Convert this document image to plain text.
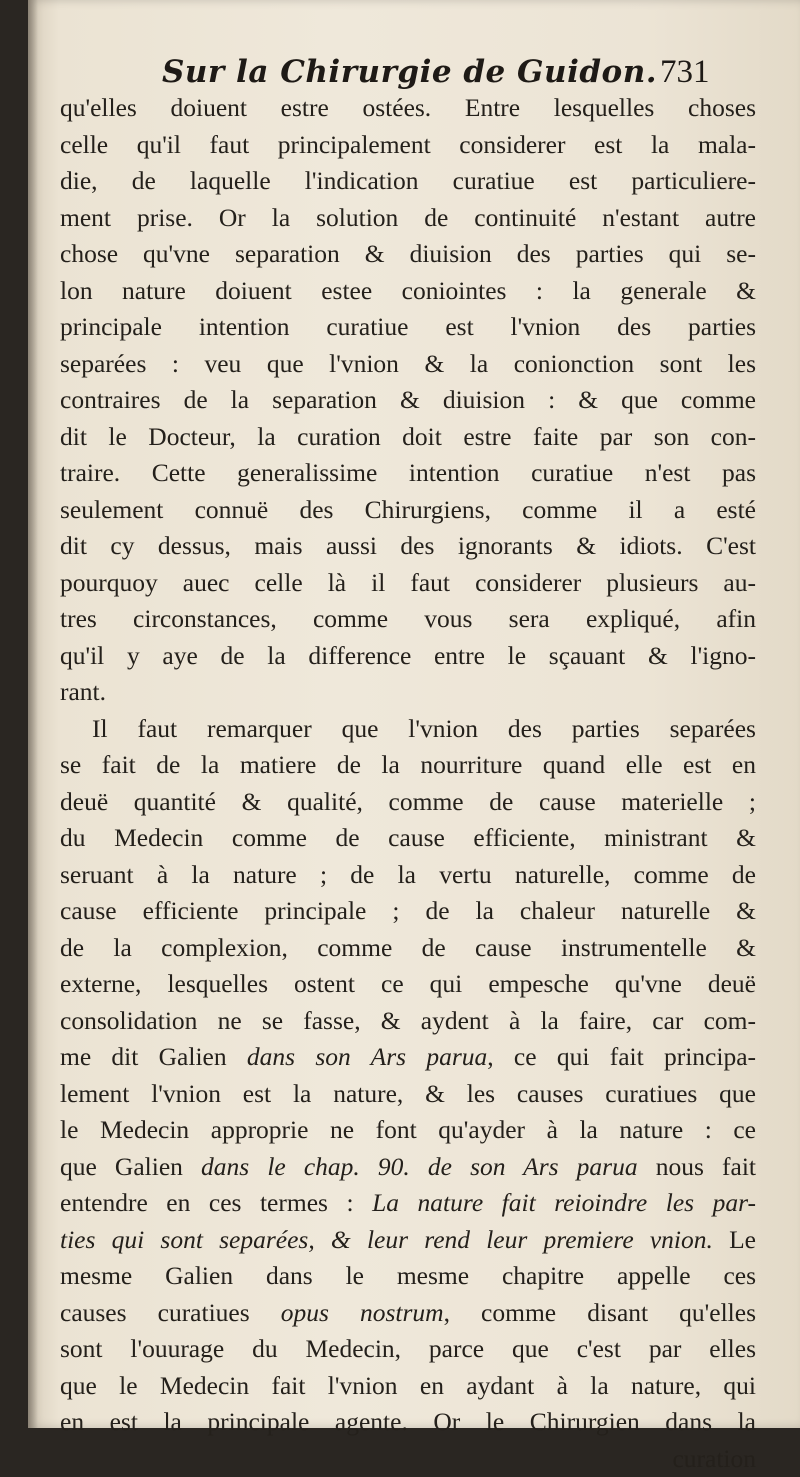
Sur la Chirurgie de Guidon. 731
qu'elles doiuent estre ostées. Entre lesquelles choses
celle qu'il faut principalement considerer est la mala-
die, de laquelle l'indication curatiue est particuliere-
ment prise. Or la solution de continuité n'estant autre
chose qu'vne separation & diuision des parties qui se-
lon nature doiuent estee coniointes : la generale &
principale intention curatiue est l'vnion des parties
separées : veu que l'vnion & la conionction sont les
contraires de la separation & diuision : & que comme
dit le Docteur, la curation doit estre faite par son con-
traire. Cette generalissime intention curatiue n'est pas
seulement connuë des Chirurgiens, comme il a esté
dit cy dessus, mais aussi des ignorants & idiots. C'est
pourquoy auec celle là il faut considerer plusieurs au-
tres circonstances, comme vous sera expliqué, afin
qu'il y aye de la difference entre le sçauant & l'igno-
rant.
Il faut remarquer que l'vnion des parties separées
se fait de la matiere de la nourriture quand elle est en
deuë quantité & qualité, comme de cause materielle ;
du Medecin comme de cause efficiente, ministrant &
seruant à la nature ; de la vertu naturelle, comme de
cause efficiente principale ; de la chaleur naturelle &
de la complexion, comme de cause instrumentelle &
externe, lesquelles ostent ce qui empesche qu'vne deuë
consolidation ne se fasse, & aydent à la faire, car com-
me dit Galien dans son Ars parua, ce qui fait principa-
lement l'vnion est la nature, & les causes curatiues que
le Medecin approprie ne font qu'ayder à la nature : ce
que Galien dans le chap. 90. de son Ars parua nous fait
entendre en ces termes : La nature fait reioindre les par-
ties qui sont separées, & leur rend leur premiere vnion. Le
mesme Galien dans le mesme chapitre appelle ces
causes curatiues opus nostrum, comme disant qu'elles
sont l'ouurage du Medecin, parce que c'est par elles
que le Medecin fait l'vnion en aydant à la nature, qui
en est la principale agente. Or le Chirurgien dans la
curation
